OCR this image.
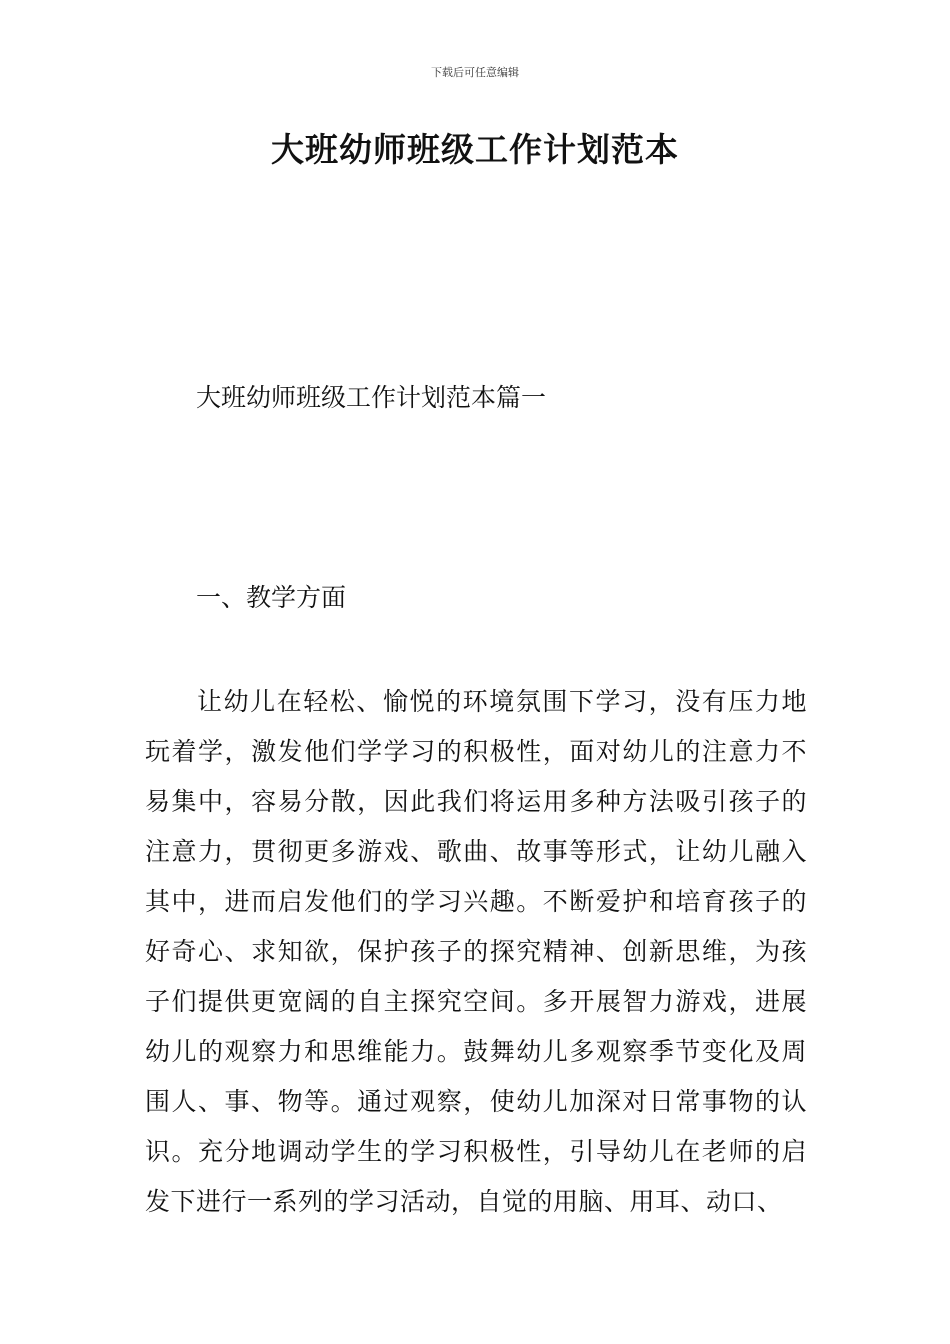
下载后可任意编辑
大班幼师班级工作计划范本

大班幼师班级工作计划范本篇一

一、教学方面

让幼儿在轻松、愉悦的环境氛围下学习，没有压力地玩着学，激发他们学学习的积极性，面对幼儿的注意力不易集中，容易分散，因此我们将运用多种方法吸引孩子的注意力，贯彻更多游戏、歌曲、故事等形式，让幼儿融入其中，进而启发他们的学习兴趣。不断爱护和培育孩子的好奇心、求知欲，保护孩子的探究精神、创新思维，为孩子们提供更宽阔的自主探究空间。多开展智力游戏，进展幼儿的观察力和思维能力。鼓舞幼儿多观察季节变化及周围人、事、物等。通过观察，使幼儿加深对日常事物的认识。充分地调动学生的学习积极性，引导幼儿在老师的启发下进行一系列的学习活动，自觉的用脑、用耳、动口、
